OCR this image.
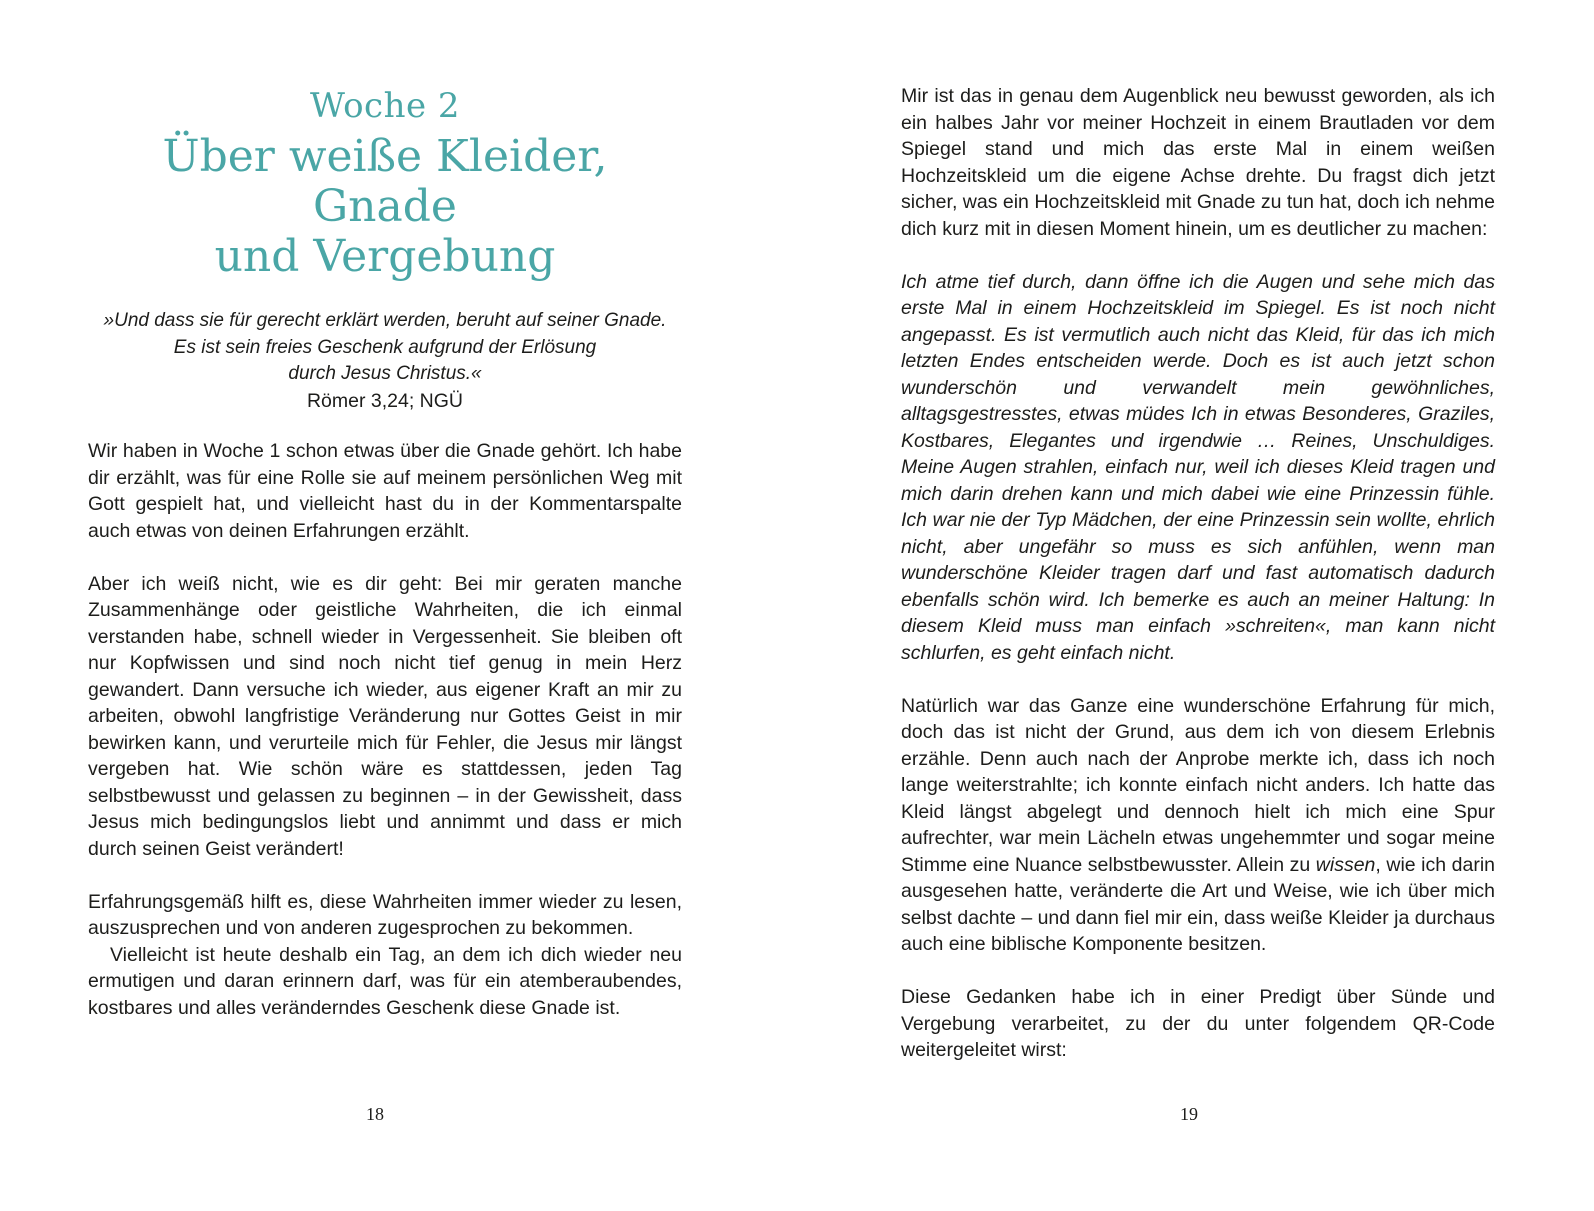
Woche 2
Über weiße Kleider, Gnade
und Vergebung
»Und dass sie für gerecht erklärt werden, beruht auf seiner Gnade.
Es ist sein freies Geschenk aufgrund der Erlösung
durch Jesus Christus.«
Römer 3,24; NGÜ

Wir haben in Woche 1 schon etwas über die Gnade gehört. Ich habe dir erzählt, was für eine Rolle sie auf meinem persönlichen Weg mit Gott gespielt hat, und vielleicht hast du in der Kommentarspalte auch etwas von deinen Erfahrungen erzählt.

Aber ich weiß nicht, wie es dir geht: Bei mir geraten manche Zusammenhänge oder geistliche Wahrheiten, die ich einmal verstanden habe, schnell wieder in Vergessenheit. Sie bleiben oft nur Kopfwissen und sind noch nicht tief genug in mein Herz gewandert. Dann versuche ich wieder, aus eigener Kraft an mir zu arbeiten, obwohl langfristige Veränderung nur Gottes Geist in mir bewirken kann, und verurteile mich für Fehler, die Jesus mir längst vergeben hat. Wie schön wäre es stattdessen, jeden Tag selbstbewusst und gelassen zu beginnen – in der Gewissheit, dass Jesus mich bedingungslos liebt und annimmt und dass er mich durch seinen Geist verändert!

Erfahrungsgemäß hilft es, diese Wahrheiten immer wieder zu lesen, auszusprechen und von anderen zugesprochen zu bekommen.

Vielleicht ist heute deshalb ein Tag, an dem ich dich wieder neu ermutigen und daran erinnern darf, was für ein atemberaubendes, kostbares und alles veränderndes Geschenk diese Gnade ist.

18

Mir ist das in genau dem Augenblick neu bewusst geworden, als ich ein halbes Jahr vor meiner Hochzeit in einem Brautladen vor dem Spiegel stand und mich das erste Mal in einem weißen Hochzeitskleid um die eigene Achse drehte. Du fragst dich jetzt sicher, was ein Hochzeitskleid mit Gnade zu tun hat, doch ich nehme dich kurz mit in diesen Moment hinein, um es deutlicher zu machen:

Ich atme tief durch, dann öffne ich die Augen und sehe mich das erste Mal in einem Hochzeitskleid im Spiegel. Es ist noch nicht angepasst. Es ist vermutlich auch nicht das Kleid, für das ich mich letzten Endes entscheiden werde. Doch es ist auch jetzt schon wunderschön und verwandelt mein gewöhnliches, alltagsgestresstes, etwas müdes Ich in etwas Besonderes, Graziles, Kostbares, Elegantes und irgendwie … Reines, Unschuldiges. Meine Augen strahlen, einfach nur, weil ich dieses Kleid tragen und mich darin drehen kann und mich dabei wie eine Prinzessin fühle. Ich war nie der Typ Mädchen, der eine Prinzessin sein wollte, ehrlich nicht, aber ungefähr so muss es sich anfühlen, wenn man wunderschöne Kleider tragen darf und fast automatisch dadurch ebenfalls schön wird. Ich bemerke es auch an meiner Haltung: In diesem Kleid muss man einfach »schreiten«, man kann nicht schlurfen, es geht einfach nicht.

Natürlich war das Ganze eine wunderschöne Erfahrung für mich, doch das ist nicht der Grund, aus dem ich von diesem Erlebnis erzähle. Denn auch nach der Anprobe merkte ich, dass ich noch lange weiterstrahlte; ich konnte einfach nicht anders. Ich hatte das Kleid längst abgelegt und dennoch hielt ich mich eine Spur aufrechter, war mein Lächeln etwas ungehemmter und sogar meine Stimme eine Nuance selbstbewusster. Allein zu wissen, wie ich darin ausgesehen hatte, veränderte die Art und Weise, wie ich über mich selbst dachte – und dann fiel mir ein, dass weiße Kleider ja durchaus auch eine biblische Komponente besitzen.

Diese Gedanken habe ich in einer Predigt über Sünde und Vergebung verarbeitet, zu der du unter folgendem QR-Code weitergeleitet wirst:

19
